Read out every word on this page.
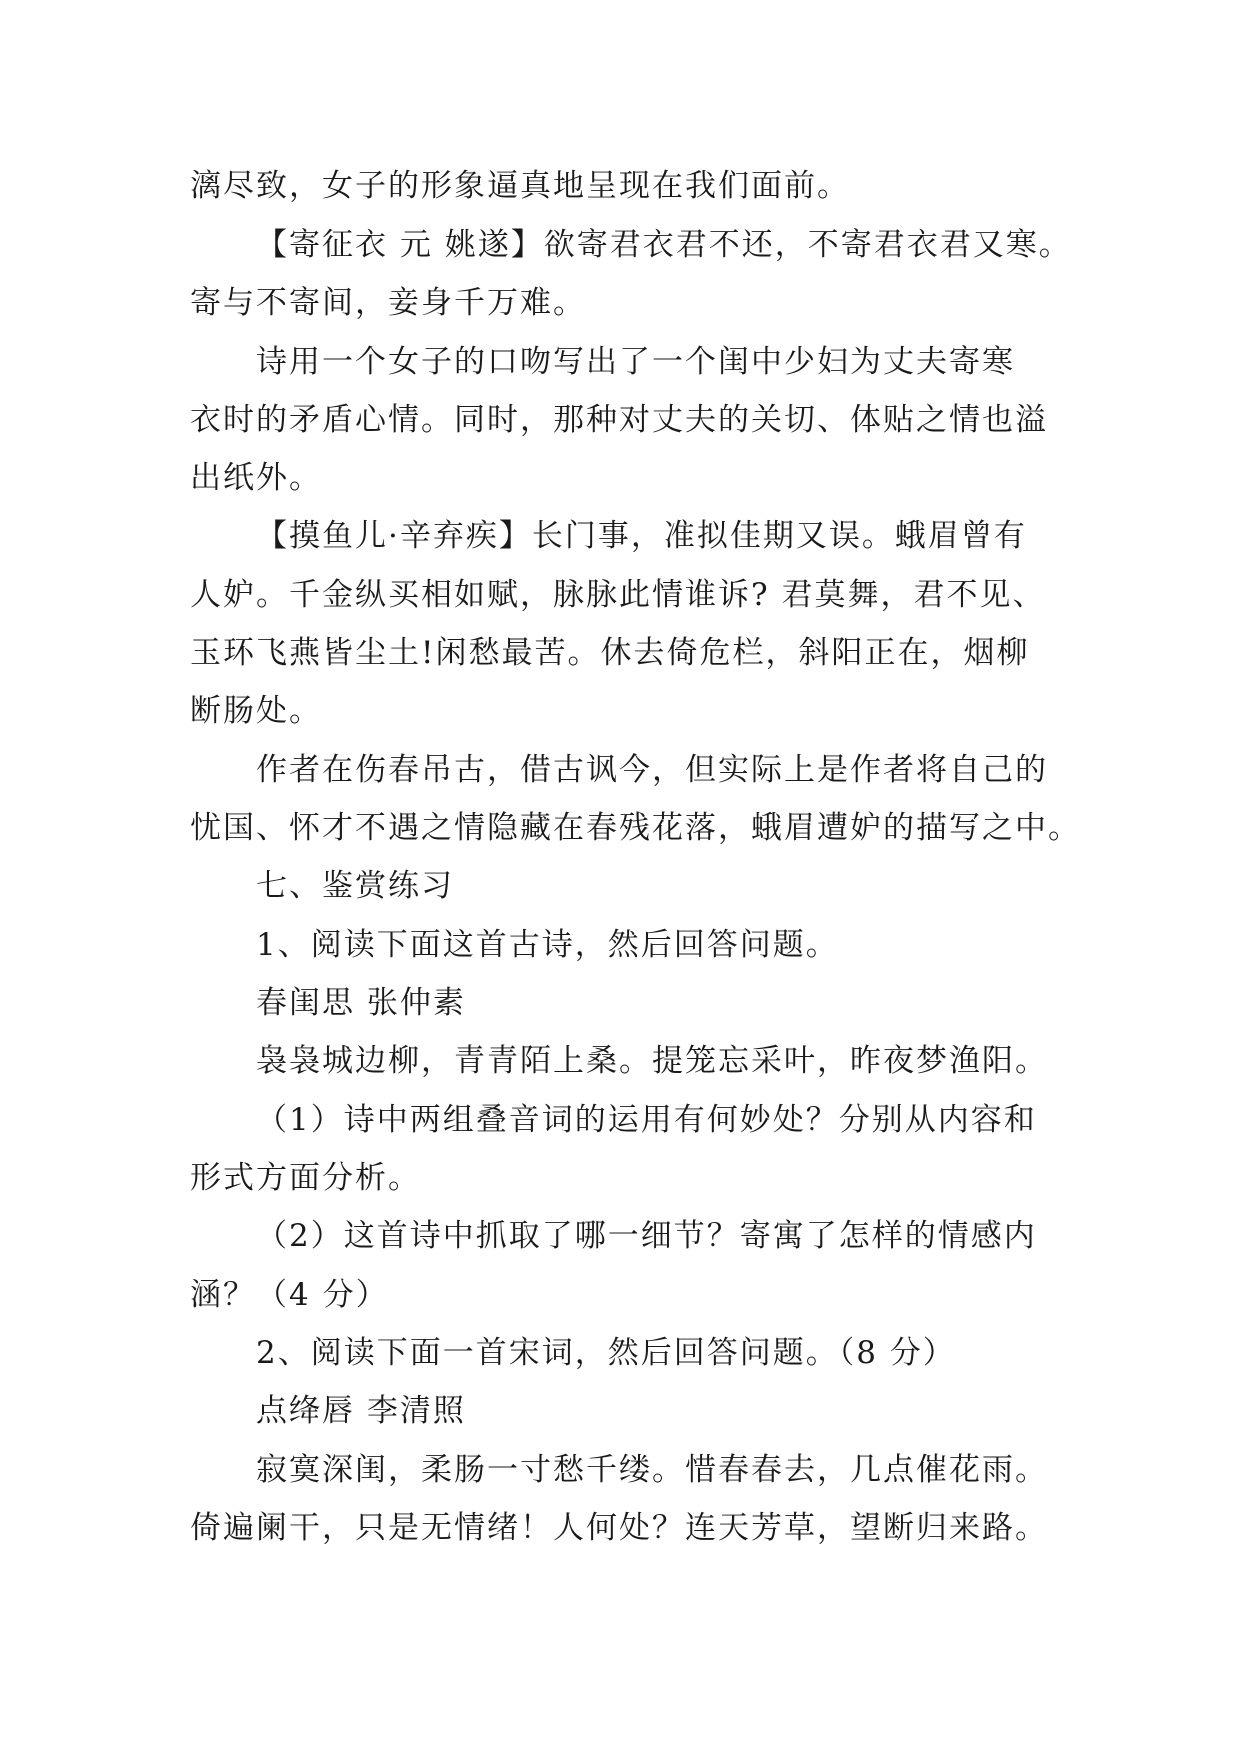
漓尽致，女子的形象逼真地呈现在我们面前。
【寄征衣 元 姚遂】欲寄君衣君不还，不寄君衣君又寒。
寄与不寄间，妾身千万难。
诗用一个女子的口吻写出了一个闺中少妇为丈夫寄寒
衣时的矛盾心情。同时，那种对丈夫的关切、体贴之情也溢
出纸外。
【摸鱼儿·辛弃疾】长门事，准拟佳期又误。蛾眉曾有
人妒。千金纵买相如赋，脉脉此情谁诉? 君莫舞，君不见、
玉环飞燕皆尘土!闲愁最苦。休去倚危栏，斜阳正在，烟柳
断肠处。
作者在伤春吊古，借古讽今，但实际上是作者将自己的
忧国、怀才不遇之情隐藏在春残花落，蛾眉遭妒的描写之中。
七、鉴赏练习
1、阅读下面这首古诗，然后回答问题。
春闺思 张仲素
袅袅城边柳，青青陌上桑。提笼忘采叶，昨夜梦渔阳。
（1）诗中两组叠音词的运用有何妙处？分别从内容和
形式方面分析。
（2）这首诗中抓取了哪一细节？寄寓了怎样的情感内
涵？（4 分）
2、阅读下面一首宋词，然后回答问题。（8 分）
点绛唇 李清照
寂寞深闺，柔肠一寸愁千缕。惜春春去，几点催花雨。
倚遍阑干，只是无情绪！人何处？连天芳草，望断归来路。
